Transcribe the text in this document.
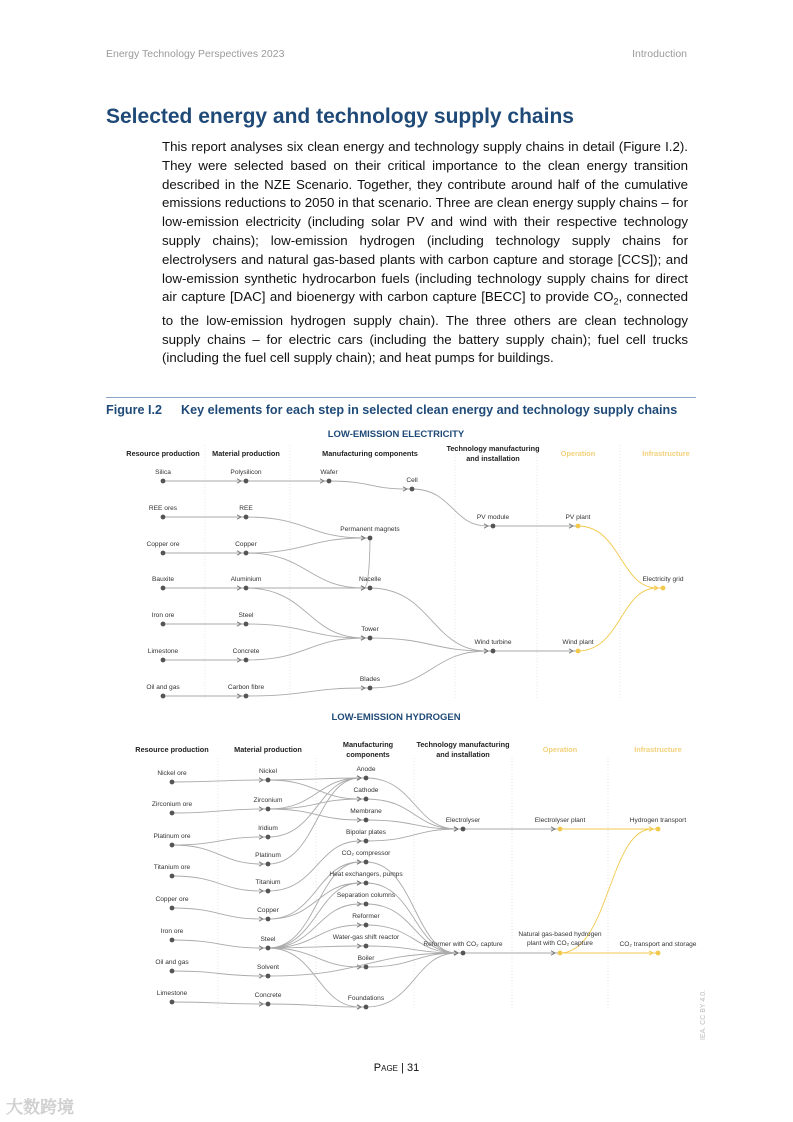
Energy Technology Perspectives 2023	Introduction
Selected energy and technology supply chains

This report analyses six clean energy and technology supply chains in detail (Figure I.2). They were selected based on their critical importance to the clean energy transition described in the NZE Scenario. Together, they contribute around half of the cumulative emissions reductions to 2050 in that scenario. Three are clean energy supply chains – for low-emission electricity (including solar PV and wind with their respective technology supply chains); low-emission hydrogen (including technology supply chains for electrolysers and natural gas-based plants with carbon capture and storage [CCS]); and low-emission synthetic hydrocarbon fuels (including technology supply chains for direct air capture [DAC] and bioenergy with carbon capture [BECC] to provide $CO_2$, connected to the low-emission hydrogen supply chain). The three others are clean technology supply chains – for electric cars (including the battery supply chain); fuel cell trucks (including the fuel cell supply chain); and heat pumps for buildings.

Figure I.2 Key elements for each step in selected clean energy and technology supply chains
LOW-EMISSION ELECTRICITY
Resource production Material production	Manufacturing components
Technology manufacturing
and installation
Operation	Infrastructure
Silica
REE ores
Copper ore
Bauxite
Iron ore
Limestone
Oil and gas
Polysilicon
REE
Copper
Aluminium
Steel
Concrete
Carbon fibre
Wafer
Cell
Permanent magnets
Nacelle
Tower
Blades
PV module
Wind turbine
PV plant
Wind plant
Electricity grid
LOW-EMISSION HYDROGEN
Resource production	Material production
Manufacturing
components
Technology manufacturing
and installation
Operation	Infrastructure
Nickel ore
Zirconium ore
Platinum ore
Titanium ore
Copper ore
Iron ore
Oil and gas
Limestone
Nickel
Zirconium
Iridium
Platinum
Titanium
Copper
Steel
Solvent
Concrete
Anode
Cathode
Membrane
Bipolar plates
CO₂ compressor
Heat exchangers, pumps
Separation columns
Reformer
Water-gas shift reactor
Boiler
Foundations
Electrolyser
Reformer with CO₂ capture
Electrolyser plant
Natural gas-based hydrogen
plant with CO₂ capture
Hydrogen transport
CO₂ transport and storage
Page | 31
IEA. CC BY 4.0.
大数跨境
